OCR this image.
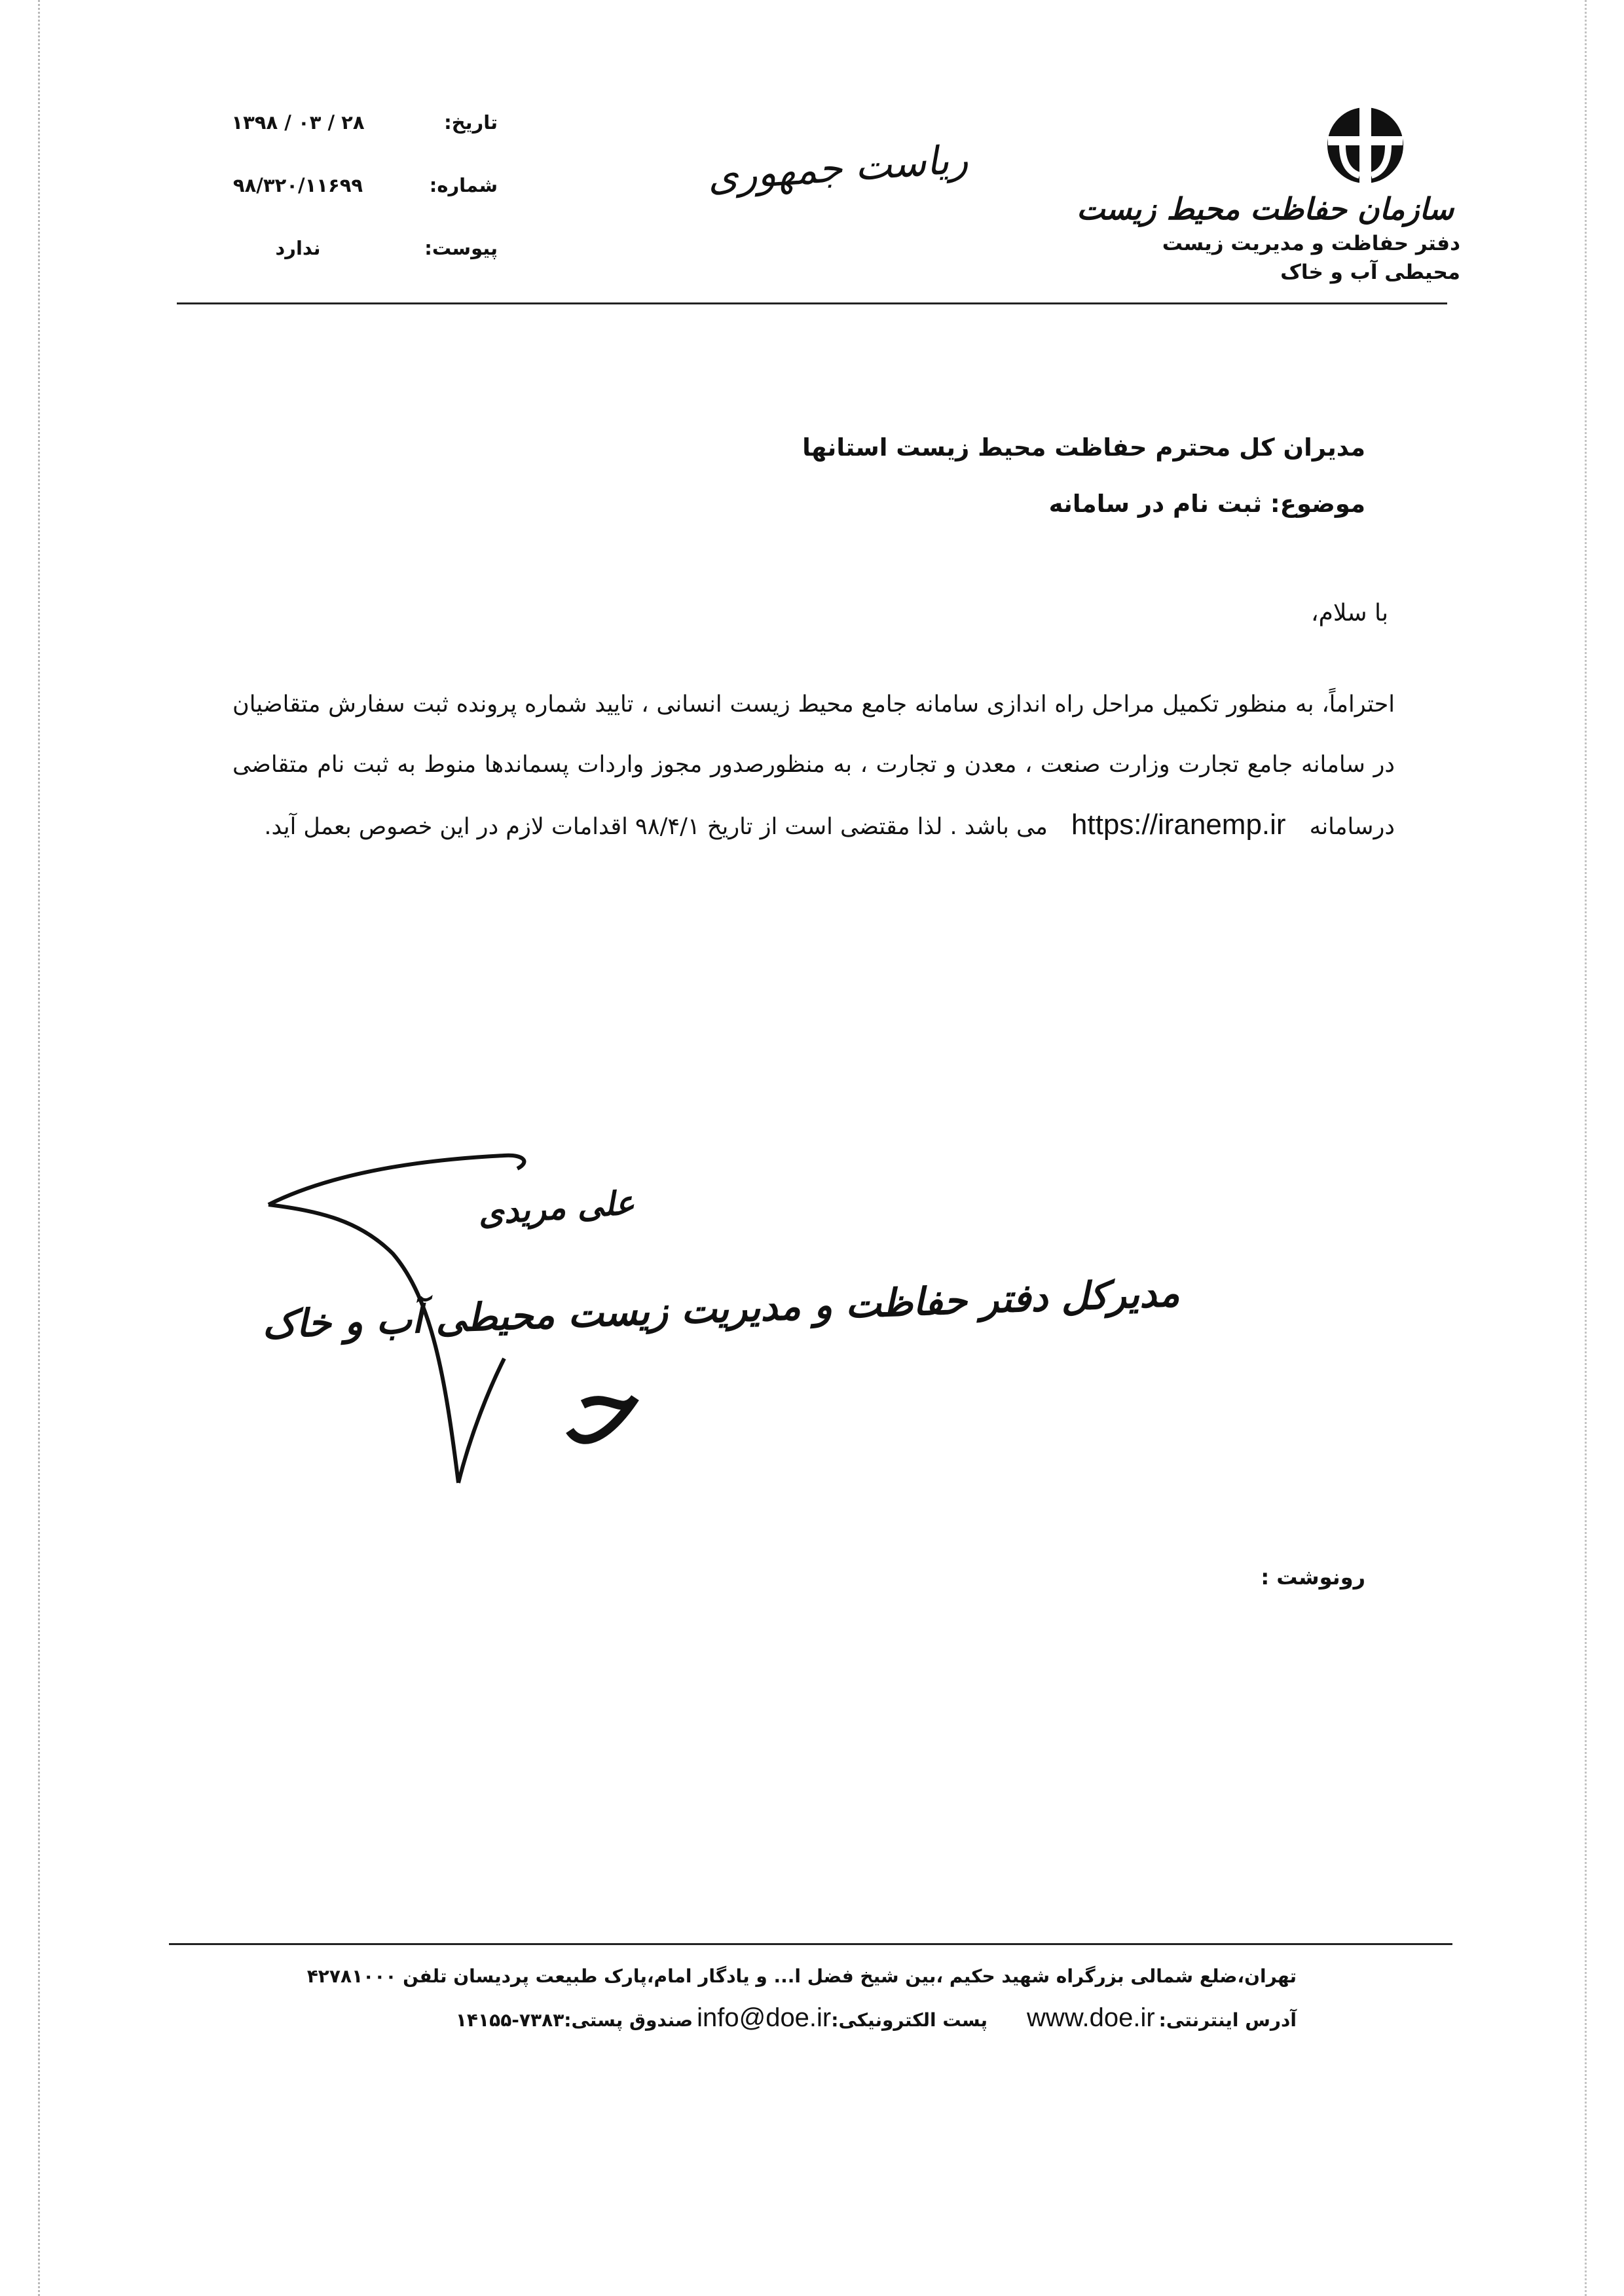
سازمان حفاظت محیط زیست
دفتر حفاظت و مدیریت زیست
محیطی آب و خاک
ریاست جمهوری
تاریخ:
۱۳۹۸ / ۰۳ / ۲۸
شماره:
۹۸/۳۲۰/۱۱۶۹۹
پیوست:
ندارد
مدیران کل محترم حفاظت محیط زیست استانها
موضوع: ثبت نام در سامانه
با سلام،
احتراماً، به منظور تکمیل مراحل راه اندازی سامانه جامع محیط زیست انسانی ، تایید شماره پرونده ثبت سفارش متقاضیان در سامانه جامع تجارت وزارت صنعت ، معدن و تجارت ، به منظورصدور مجوز واردات پسماندها منوط به ثبت نام متقاضی درسامانهhttps://iranemp.irمی باشد . لذا مقتضی است از تاریخ ۹۸/۴/۱ اقدامات لازم در این خصوص بعمل آید.
علی مریدی
مدیرکل دفتر حفاظت و مدیریت زیست محیطی آب و خاک
رونوشت :
تهران،ضلع شمالی بزرگراه شهید حکیم ،بین شیخ فضل ا... و یادگار امام،پارک طبیعت پردیسان تلفن ۴۲۷۸۱۰۰۰
آدرس اینترنتی:www.doe.irپست الکترونیکی:info@doe.irصندوق پستی:۷۳۸۳-۱۴۱۵۵
